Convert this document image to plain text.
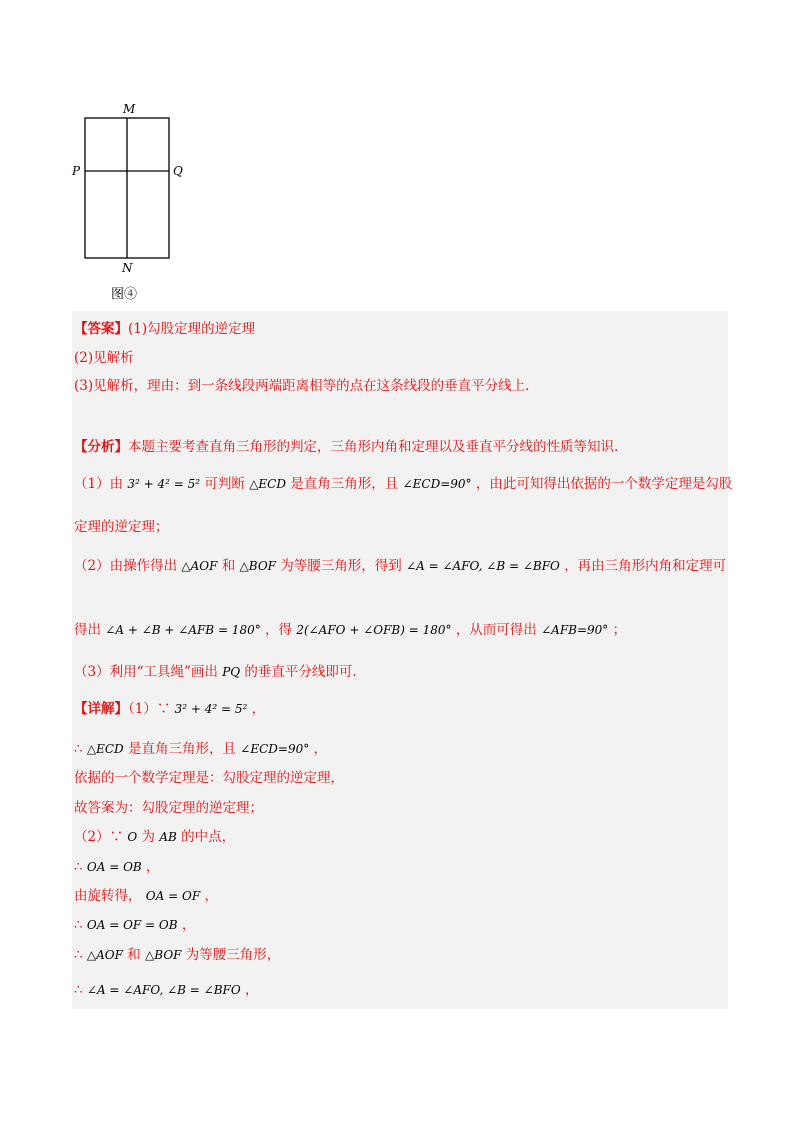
M
N
P	Q
图④
【答案】(1)勾股定理的逆定理
(2)见解析
(3)见解析，理由：到一条线段两端距离相等的点在这条线段的垂直平分线上.
【分析】本题主要考查直角三角形的判定，三角形内角和定理以及垂直平分线的性质等知识.
（1）由 3² + 4² = 5² 可判断 △ECD 是直角三角形，且 ∠ECD=90° ，由此可知得出依据的一个数学定理是勾股
定理的逆定理；
（2）由操作得出 △AOF 和 △BOF 为等腰三角形，得到 ∠A = ∠AFO, ∠B = ∠BFO ，再由三角形内角和定理可
得出 ∠A + ∠B + ∠AFB = 180° ，得 2(∠AFO + ∠OFB) = 180° ，从而可得出 ∠AFB=90° ；
（3）利用“工具绳”画出 PQ 的垂直平分线即可.
【详解】（1）∵ 3² + 4² = 5² ，
∴ △ECD 是直角三角形，且 ∠ECD=90° ，
依据的一个数学定理是：勾股定理的逆定理，
故答案为：勾股定理的逆定理；
（2）∵ O 为 AB 的中点，
∴ OA = OB ，
由旋转得， OA = OF ，
∴ OA = OF = OB ，
∴ △AOF 和 △BOF 为等腰三角形，
∴ ∠A = ∠AFO, ∠B = ∠BFO ，
